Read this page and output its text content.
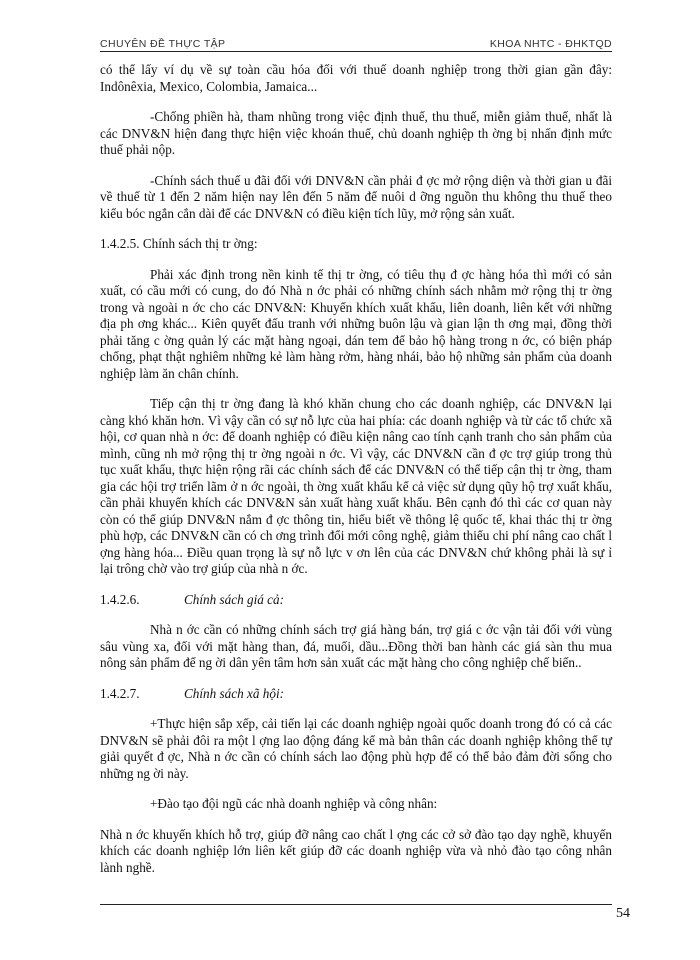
CHUYÊN ĐỀ THỰC TẬP	KHOA NHTC - ĐHKTQD

có thể lấy ví dụ về sự toàn cầu hóa đối với thuế doanh nghiệp trong thời gian gần đây: Indônêxia, Mexico, Colombia, Jamaica...

-Chống phiền hà, tham nhũng trong việc định thuế, thu thuế, miễn giảm thuế, nhất là các DNV&N hiện đang thực hiện việc khoán thuế, chủ doanh nghiệp th ờng bị nhấn định mức thuế phải nộp.

-Chính sách thuế u đãi đối với DNV&N cần phải đ ợc mở rộng diện và thời gian u đãi về thuế từ 1 đến 2 năm hiện nay lên đến 5 năm để nuôi d ỡng nguồn thu không thu thuế theo kiểu bóc ngắn cắn dài để các DNV&N có điều kiện tích lũy, mở rộng sản xuất.

1.4.2.5. Chính sách thị tr ờng:

Phải xác định trong nền kinh tế thị tr ờng, có tiêu thụ đ ợc hàng hóa thì mới có sản xuất, có cầu mới có cung, do đó Nhà n ớc phải có những chính sách nhằm mở rộng thị tr ờng trong và ngoài n ớc cho các DNV&N: Khuyến khích xuất khẩu, liên doanh, liên kết với những địa ph ơng khác... Kiên quyết đấu tranh với những buôn lậu và gian lận th ơng mại, đồng thời phải tăng c ờng quản lý các mặt hàng ngoại, dán tem để bảo hộ hàng trong n ớc, có biện pháp chống, phạt thật nghiêm những kẻ làm hàng rởm, hàng nhái, bảo hộ những sản phẩm của doanh nghiệp làm ăn chân chính.

Tiếp cận thị tr ờng đang là khó khăn chung cho các doanh nghiệp, các DNV&N lại càng khó khăn hơn. Vì vậy cần có sự nỗ lực của hai phía: các doanh nghiệp và từ các tổ chức xã hội, cơ quan nhà n ớc: để doanh nghiệp có điều kiện nâng cao tính cạnh tranh cho sản phẩm của mình, cũng nh mở rộng thị tr ờng ngoài n ớc. Vì vậy, các DNV&N cần đ ợc trợ giúp trong thủ tục xuất khẩu, thực hiện rộng rãi các chính sách để các DNV&N có thể tiếp cận thị tr ờng, tham gia các hội trợ triển lãm ở n ớc ngoài, th ờng xuất khẩu kể cả việc sử dụng qũy hộ trợ xuất khẩu, cần phải khuyến khích các DNV&N sản xuất hàng xuất khẩu. Bên cạnh đó thì các cơ quan này còn có thể giúp DNV&N nắm đ ợc thông tin, hiểu biết về thông lệ quốc tế, khai thác thị tr ờng phù hợp, các DNV&N cần có ch ơng trình đổi mới công nghệ, giảm thiểu chi phí nâng cao chất l ợng hàng hóa... Điều quan trọng là sự nỗ lực v ơn lên của các DNV&N chứ không phải là sự ỉ lại trông chờ vào trợ giúp của nhà n ớc.

1.4.2.6.	Chính sách giá cả:

Nhà n ớc cần có những chính sách trợ giá hàng bán, trợ giá c ớc vận tải đối với vùng sâu vùng xa, đối với mặt hàng than, đá, muối, dầu...Đồng thời ban hành các giá sàn thu mua nông sản phẩm để ng ời dân yên tâm hơn sản xuất các mặt hàng cho công nghiệp chế biến..

1.4.2.7.	Chính sách xã hội:

+Thực hiện sắp xếp, cải tiến lại các doanh nghiệp ngoài quốc doanh trong đó có cả các DNV&N sẽ phải đôi ra một l ợng lao động đáng kể mà bản thân các doanh nghiệp không thể tự giải quyết đ ợc, Nhà n ớc cần có chính sách lao động phù hợp để có thể bảo đảm đời sống cho những ng ời này.

+Đào tạo đội ngũ các nhà doanh nghiệp và công nhân:

Nhà n ớc khuyến khích hỗ trợ, giúp đỡ nâng cao chất l ợng các cở sở đào tạo dạy nghề, khuyến khích các doanh nghiệp lớn liên kết giúp đỡ các doanh nghiệp vừa và nhỏ đào tạo công nhân lành nghề.

54
